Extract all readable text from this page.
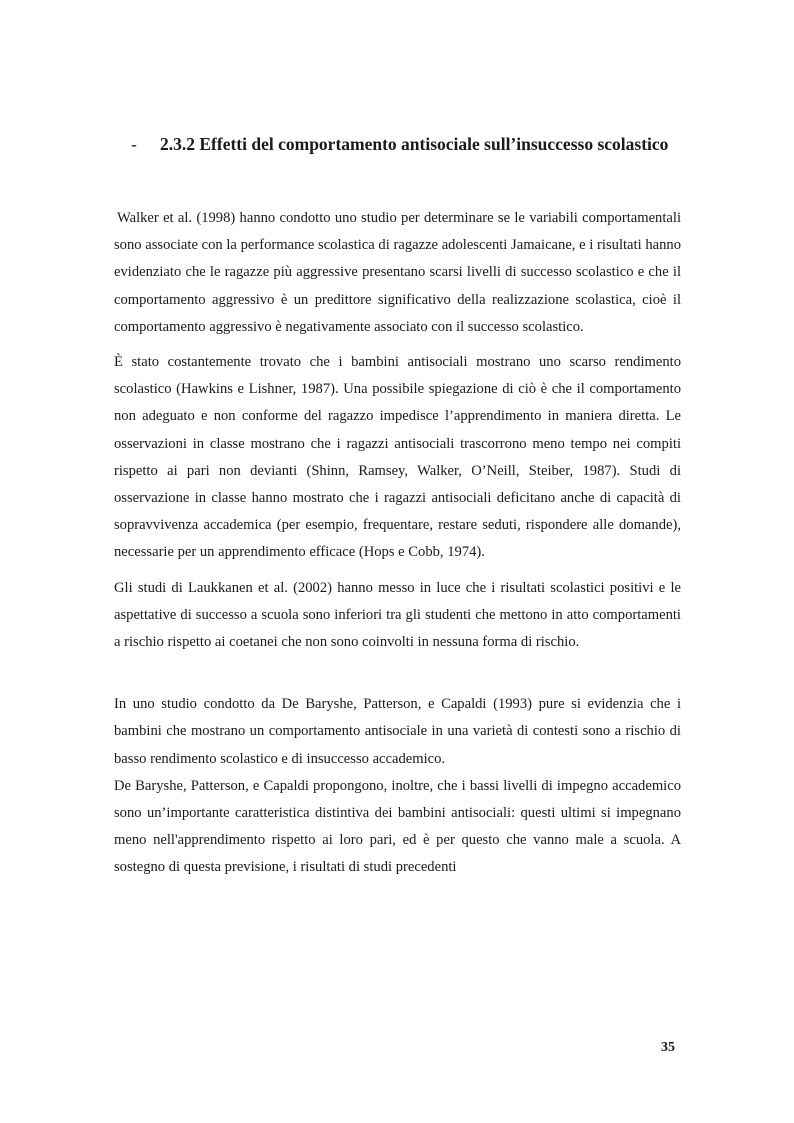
- 2.3.2 Effetti del comportamento antisociale sull’insuccesso scolastico

Walker et al. (1998) hanno condotto uno studio per determinare se le variabili comportamentali sono associate con la performance scolastica di ragazze adolescenti Jamaicane, e i risultati hanno evidenziato che le ragazze più aggressive presentano scarsi livelli di successo scolastico e che il comportamento aggressivo è un predittore significativo della realizzazione scolastica, cioè il comportamento aggressivo è negativamente associato con il successo scolastico.

È stato costantemente trovato che i bambini antisociali mostrano uno scarso rendimento scolastico (Hawkins e Lishner, 1987). Una possibile spiegazione di ciò è che il comportamento non adeguato e non conforme del ragazzo impedisce l’apprendimento in maniera diretta. Le osservazioni in classe mostrano che i ragazzi antisociali trascorrono meno tempo nei compiti rispetto ai pari non devianti (Shinn, Ramsey, Walker, O’Neill, Steiber, 1987). Studi di osservazione in classe hanno mostrato che i ragazzi antisociali deficitano anche di capacità di sopravvivenza accademica (per esempio, frequentare, restare seduti, rispondere alle domande), necessarie per un apprendimento efficace (Hops e Cobb, 1974).

Gli studi di Laukkanen et al. (2002) hanno messo in luce che i risultati scolastici positivi e le aspettative di successo a scuola sono inferiori tra gli studenti che mettono in atto comportamenti a rischio rispetto ai coetanei che non sono coinvolti in nessuna forma di rischio.

In uno studio condotto da De Baryshe, Patterson, e Capaldi (1993) pure si evidenzia che i bambini che mostrano un comportamento antisociale in una varietà di contesti sono a rischio di basso rendimento scolastico e di insuccesso accademico.

De Baryshe, Patterson, e Capaldi propongono, inoltre, che i bassi livelli di impegno accademico sono un’importante caratteristica distintiva dei bambini antisociali: questi ultimi si impegnano meno nell'apprendimento rispetto ai loro pari, ed è per questo che vanno male a scuola. A sostegno di questa previsione, i risultati di studi precedenti

35
